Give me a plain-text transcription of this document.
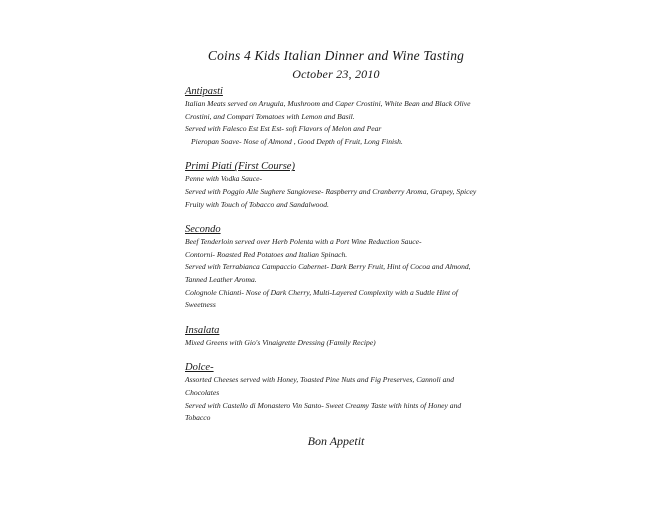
Coins 4 Kids Italian Dinner and Wine Tasting
October 23, 2010

Antipasti

Italian Meats served on Arugula, Mushroom and Caper Crostini, White Bean and Black Olive

Crostini, and Compari Tomatoes with Lemon and Basil.

Served with Falesco Est Est Est- soft Flavors of Melon and Pear

Pieropan Soave- Nose of Almond , Good Depth of Fruit, Long Finish.

Primi Piati (First Course)

Penne with Vodka Sauce-

Served with Poggio Alle Sughere Sangiovese- Raspberry and Cranberry Aroma, Grapey, Spicey

Fruity with Touch of Tobacco and Sandalwood.

Secondo

Beef Tenderloin served over Herb Polenta with a Port Wine Reduction Sauce-

Contorni- Roasted Red Potatoes and Italian Spinach.

Served with Terrabianca Campaccio Cabernet- Dark Berry Fruit, Hint of Cocoa and Almond,

Tanned Leather Aroma.

Colognole Chianti- Nose of Dark Cherry, Multi-Layered Complexity with a Sudtle Hint of

Sweetness

Insalata

Mixed Greens with Gio's Vinaigrette Dressing (Family Recipe)

Dolce-

Assorted Cheeses served with Honey, Toasted Pine Nuts and Fig Preserves, Cannoli and

Chocolates

Served with Castello di Monastero Vin Santo- Sweet Creamy Taste with hints of Honey and

Tobacco

Bon Appetit
